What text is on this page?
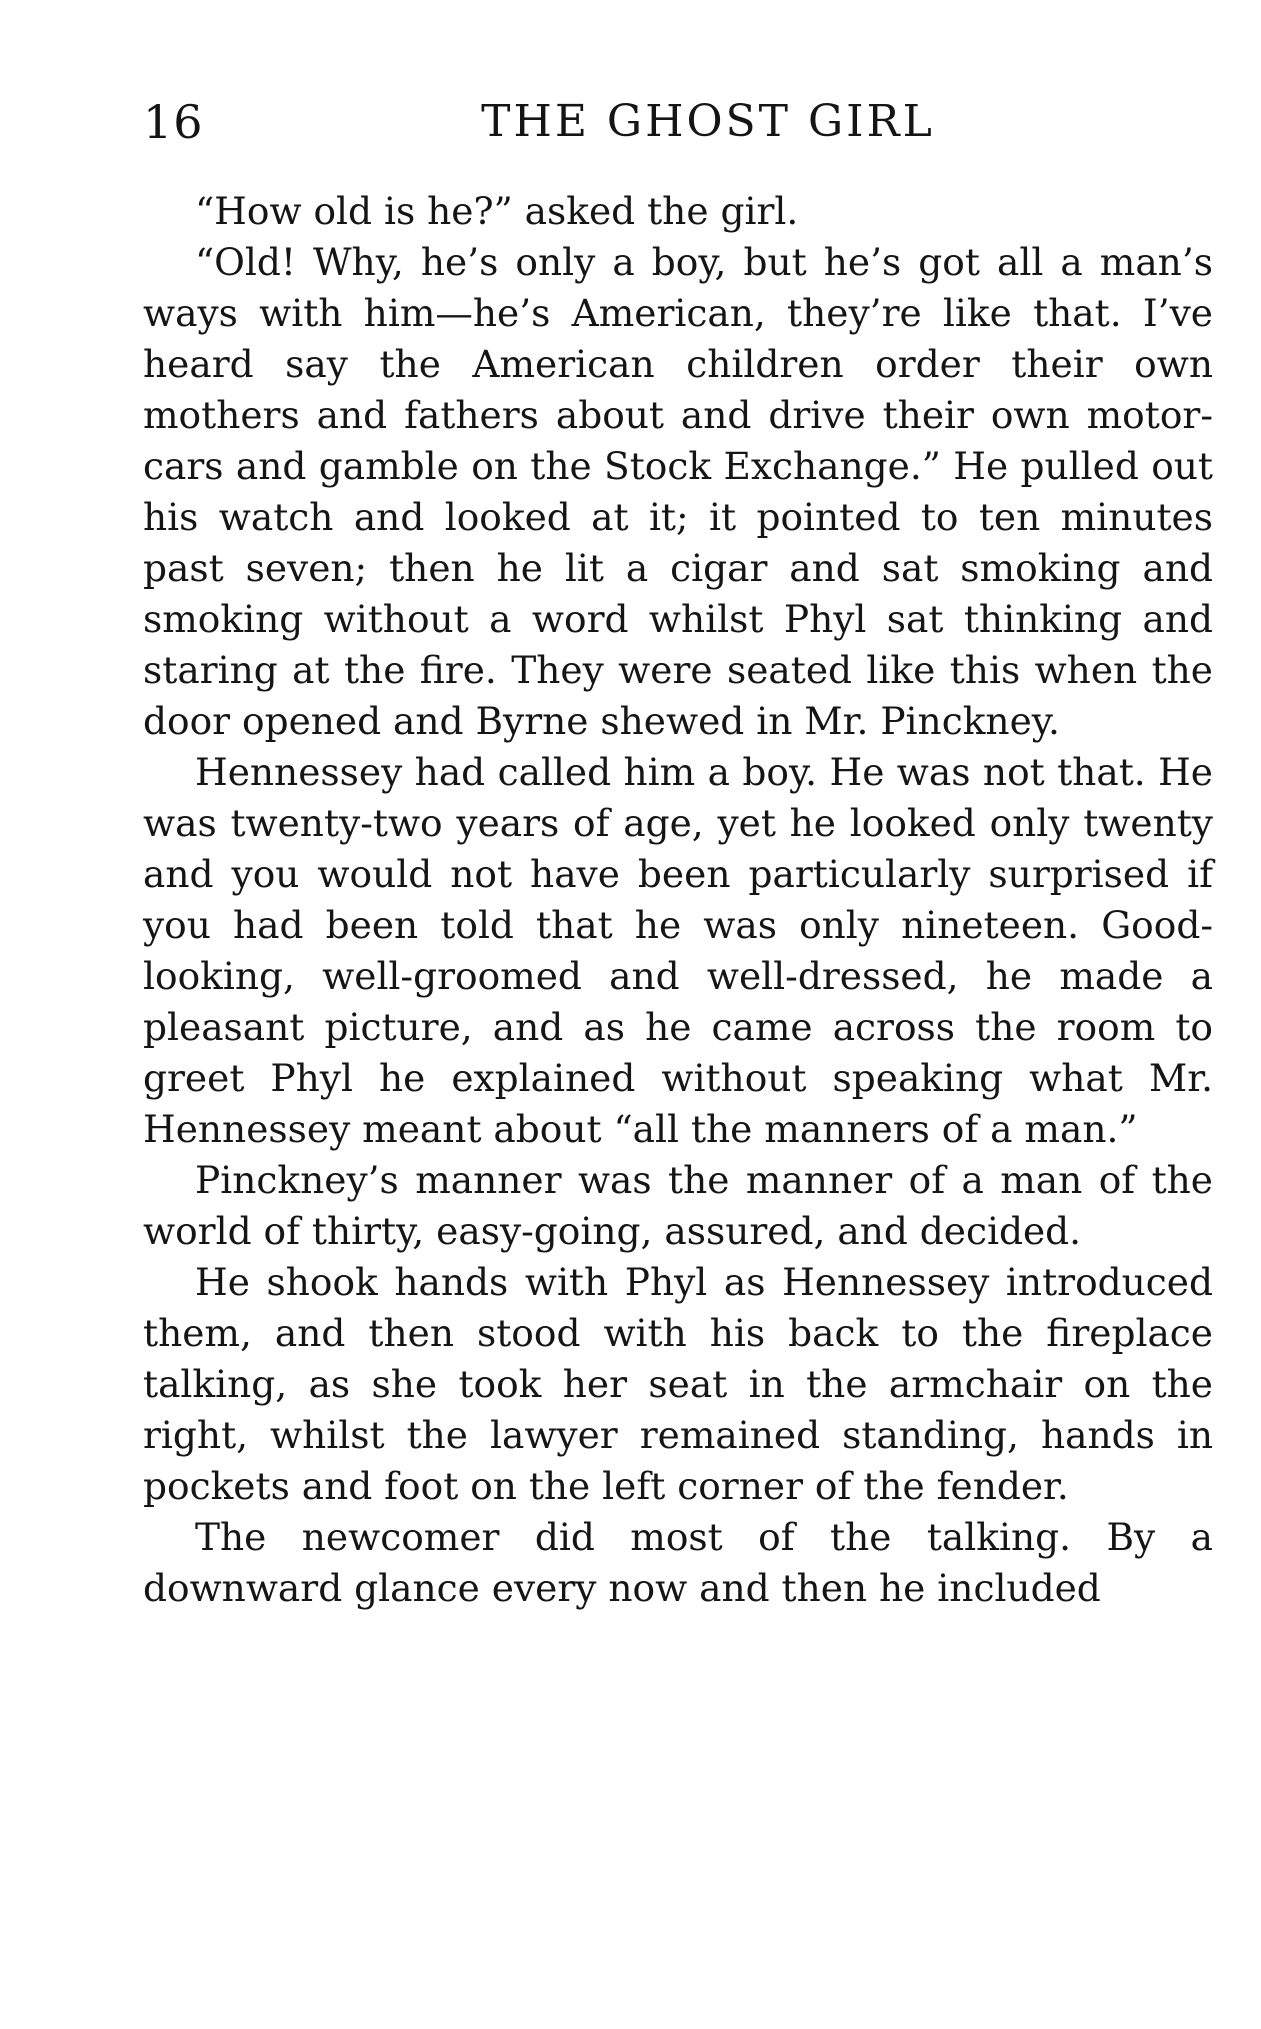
16	THE GHOST GIRL

“How old is he?” asked the girl.

“Old! Why, he’s only a boy, but he’s got all a man’s ways with him—he’s American, they’re like that. I’ve heard say the American children order their own mothers and fathers about and drive their own motor-cars and gamble on the Stock Exchange.” He pulled out his watch and looked at it; it pointed to ten minutes past seven; then he lit a cigar and sat smoking and smoking without a word whilst Phyl sat thinking and staring at the fire. They were seated like this when the door opened and Byrne shewed in Mr. Pinckney.

Hennessey had called him a boy. He was not that. He was twenty-two years of age, yet he looked only twenty and you would not have been particularly surprised if you had been told that he was only nineteen. Good-looking, well-groomed and well-dressed, he made a pleasant picture, and as he came across the room to greet Phyl he explained without speaking what Mr. Hennessey meant about “all the manners of a man.”

Pinckney’s manner was the manner of a man of the world of thirty, easy-going, assured, and decided.

He shook hands with Phyl as Hennessey introduced them, and then stood with his back to the fireplace talking, as she took her seat in the armchair on the right, whilst the lawyer remained standing, hands in pockets and foot on the left corner of the fender.

The newcomer did most of the talking. By a downward glance every now and then he included
